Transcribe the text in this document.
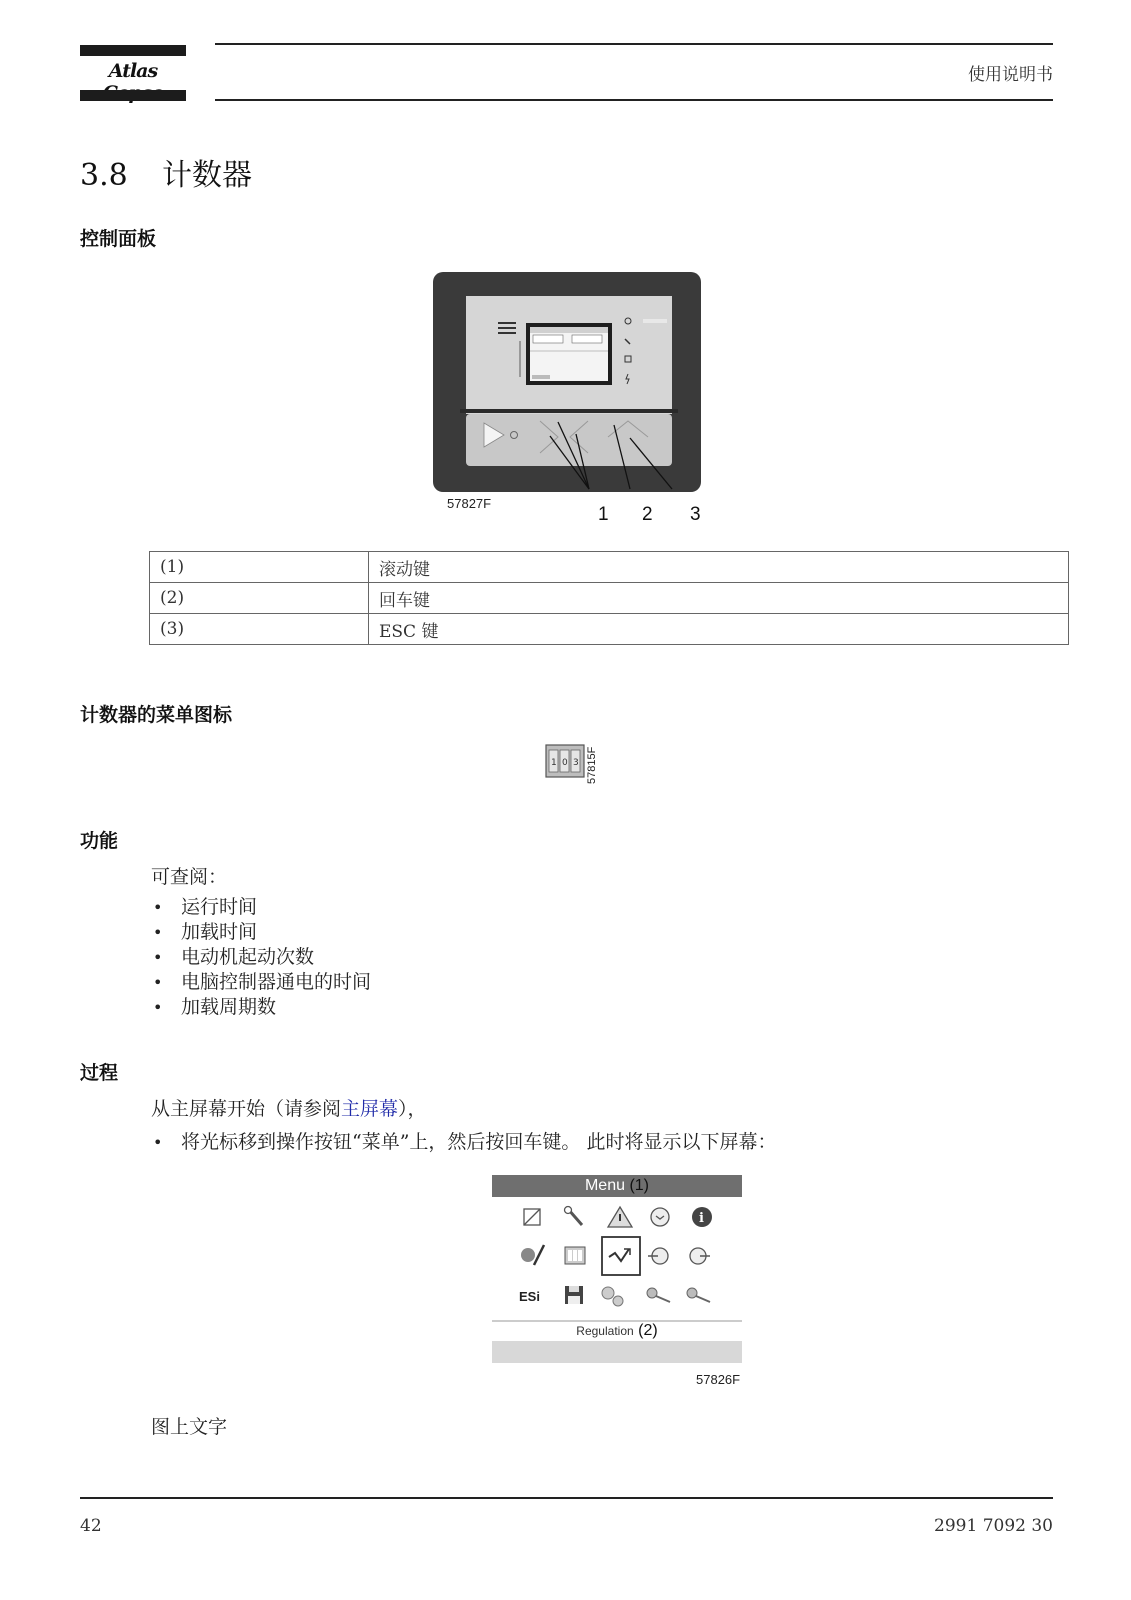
Atlas	使用说明书
3.8 计数器
控制面板
57827F
1 2 3
(1)	滚动键
(2)	回车键
(3)	ESC 键
计数器的菜单图标
1 0 3 57815F
功能
可查阅：
• 运行时间
• 加载时间
• 电动机起动次数
• 电脑控制器通电的时间
• 加载周期数
过程
从主屏幕开始（请参阅主屏幕），
• 将光标移到操作按钮“菜单”上，然后按回车键。 此时将显示以下屏幕：
Menu (1)
i
ESi
Regulation (2)
57826F
图上文字
42	2991 7092 30
